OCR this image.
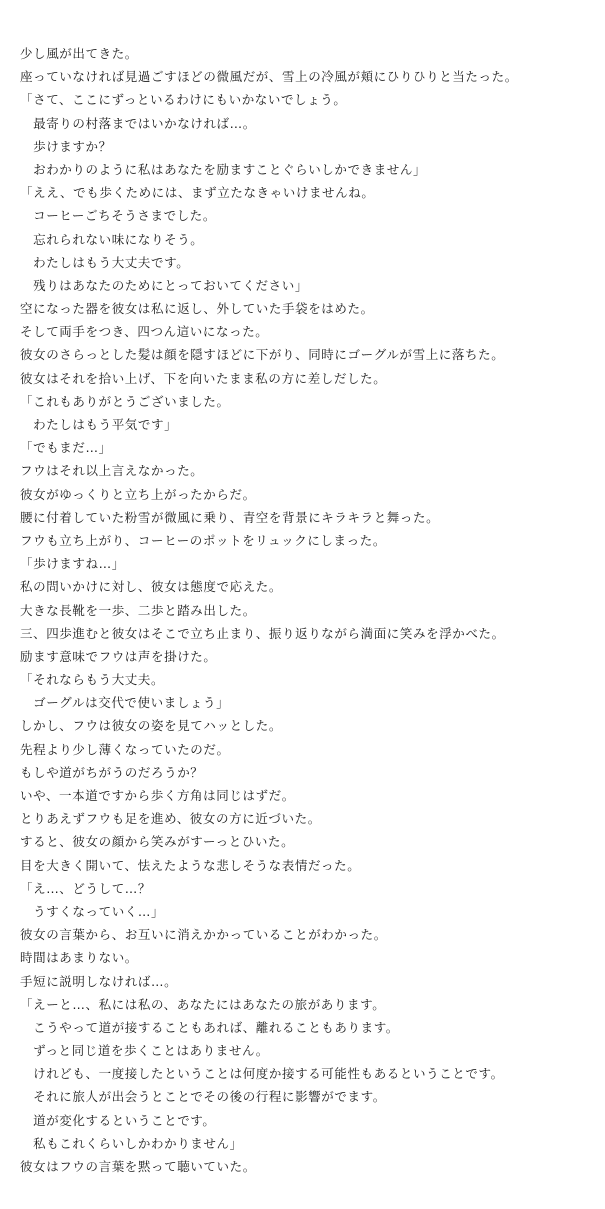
少し風が出てきた。
座っていなければ見過ごすほどの微風だが、雪上の冷風が頬にひりひりと当たった。
「さて、ここにずっといるわけにもいかないでしょう。
　最寄りの村落まではいかなければ…。
　歩けますか？
　おわかりのように私はあなたを励ますことぐらいしかできません」
「ええ、でも歩くためには、まず立たなきゃいけませんね。
　コーヒーごちそうさまでした。
　忘れられない味になりそう。
　わたしはもう大丈夫です。
　残りはあなたのためにとっておいてください」
空になった器を彼女は私に返し、外していた手袋をはめた。
そして両手をつき、四つん這いになった。
彼女のさらっとした髪は顔を隠すほどに下がり、同時にゴーグルが雪上に落ちた。
彼女はそれを拾い上げ、下を向いたまま私の方に差しだした。
「これもありがとうございました。
　わたしはもう平気です」
「でもまだ…」
フウはそれ以上言えなかった。
彼女がゆっくりと立ち上がったからだ。
腰に付着していた粉雪が微風に乗り、青空を背景にキラキラと舞った。
フウも立ち上がり、コーヒーのポットをリュックにしまった。
「歩けますね…」
私の問いかけに対し、彼女は態度で応えた。
大きな長靴を一歩、二歩と踏み出した。
三、四歩進むと彼女はそこで立ち止まり、振り返りながら満面に笑みを浮かべた。
励ます意味でフウは声を掛けた。
「それならもう大丈夫。
　ゴーグルは交代で使いましょう」
しかし、フウは彼女の姿を見てハッとした。
先程より少し薄くなっていたのだ。
もしや道がちがうのだろうか？
いや、一本道ですから歩く方角は同じはずだ。
とりあえずフウも足を進め、彼女の方に近づいた。
すると、彼女の顔から笑みがすーっとひいた。
目を大きく開いて、怯えたような悲しそうな表情だった。
「え…、どうして…？
　うすくなっていく…」
彼女の言葉から、お互いに消えかかっていることがわかった。
時間はあまりない。
手短に説明しなければ…。
「えーと…、私には私の、あなたにはあなたの旅があります。
　こうやって道が接することもあれば、離れることもあります。
　ずっと同じ道を歩くことはありません。
　けれども、一度接したということは何度か接する可能性もあるということです。
　それに旅人が出会うとことでその後の行程に影響がでます。
　道が変化するということです。
　私もこれくらいしかわかりません」
彼女はフウの言葉を黙って聴いていた。
